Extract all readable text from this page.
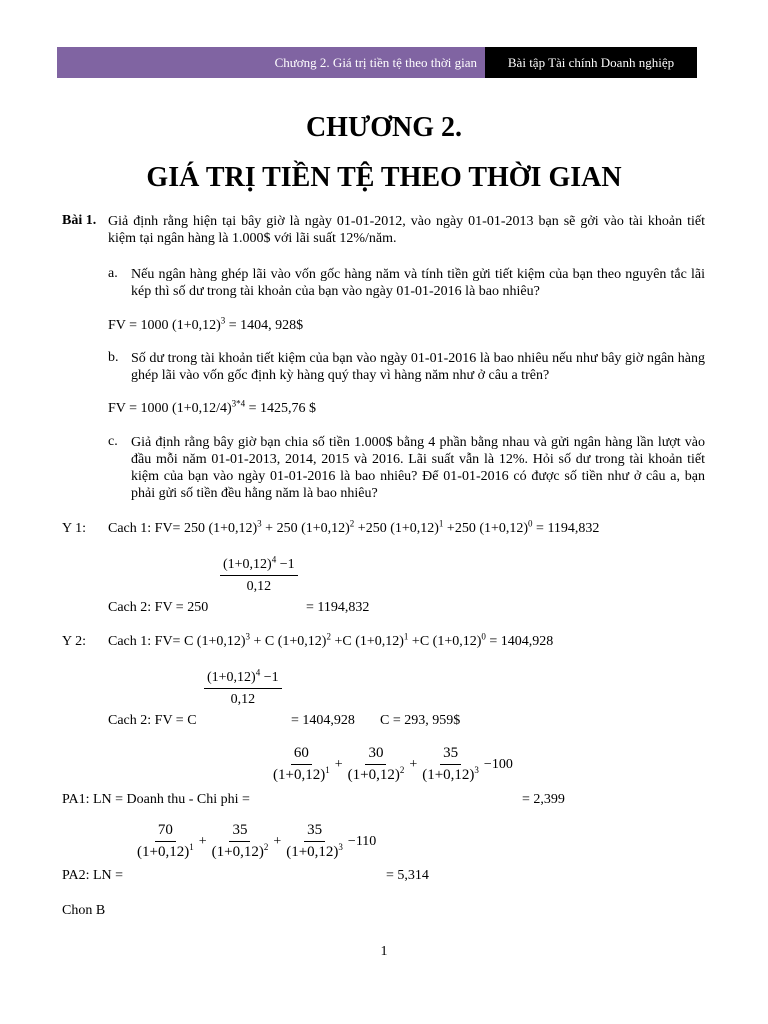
Chương 2. Giá trị tiền tệ theo thời gian Bài tập Tài chính Doanh nghiệp
CHƯƠNG 2.
GIÁ TRỊ TIỀN TỆ THEO THỜI GIAN
Bài 1. Giả định rằng hiện tại bây giờ là ngày 01-01-2012, vào ngày 01-01-2013 bạn sẽ gởi vào tài khoản tiết kiệm tại ngân hàng là 1.000$ với lãi suất 12%/năm.
a. Nếu ngân hàng ghép lãi vào vốn gốc hàng năm và tính tiền gửi tiết kiệm của bạn theo nguyên tắc lãi kép thì số dư trong tài khoản của bạn vào ngày 01-01-2016 là bao nhiêu?
FV = 1000 $(1+0,12)^3 = 1404$, 928$
b. Số dư trong tài khoản tiết kiệm của bạn vào ngày 01-01-2016 là bao nhiêu nếu như bây giờ ngân hàng ghép lãi vào vốn gốc định kỳ hàng quý thay vì hàng năm như ở câu a trên?
FV = 1000 $(1+0,12/4)^{3*4} = 1425,76$ $
c. Giả định rằng bây giờ bạn chia số tiền 1.000$ bằng 4 phần bằng nhau và gửi ngân hàng lần lượt vào đầu mỗi năm 01-01-2013, 2014, 2015 và 2016. Lãi suất vẫn là 12%. Hỏi số dư trong tài khoản tiết kiệm của bạn vào ngày 01-01-2016 là bao nhiêu? Để 01-01-2016 có được số tiền như ở câu a, bạn phải gửi số tiền đều hằng năm là bao nhiêu?
Y 1: Cach 1: FV= 250 $(1+0,12)^3 + 250$ $(1+0,12)^2 +250$ $(1+0,12)^1 +250$ $(1+0,12)^0 = 1194,832$
$\frac{(1+0,12)^4 -1}{0,12}$
Cach 2: FV = 250	= 1194,832
Y 2: Cach 1: FV= C $(1+0,12)^3 + C$ $(1+0,12)^2 +C$ $(1+0,12)^1 +C$ $(1+0,12)^0 = 1404,928$
$\frac{(1+0,12)^4 -1}{0,12}$
Cach 2: FV = C	= 1404,928 C = 293, 959$
$\frac{60}{(1+0,12)^1} + \frac{30}{(1+0,12)^2} + \frac{35}{(1+0,12)^3} -100$
PA1: LN = Doanh thu - Chi phi =	= 2,399
$\frac{70}{(1+0,12)^1} + \frac{35}{(1+0,12)^2} + \frac{35}{(1+0,12)^3} -110$
PA2: LN =	= 5,314
Chon B
1
